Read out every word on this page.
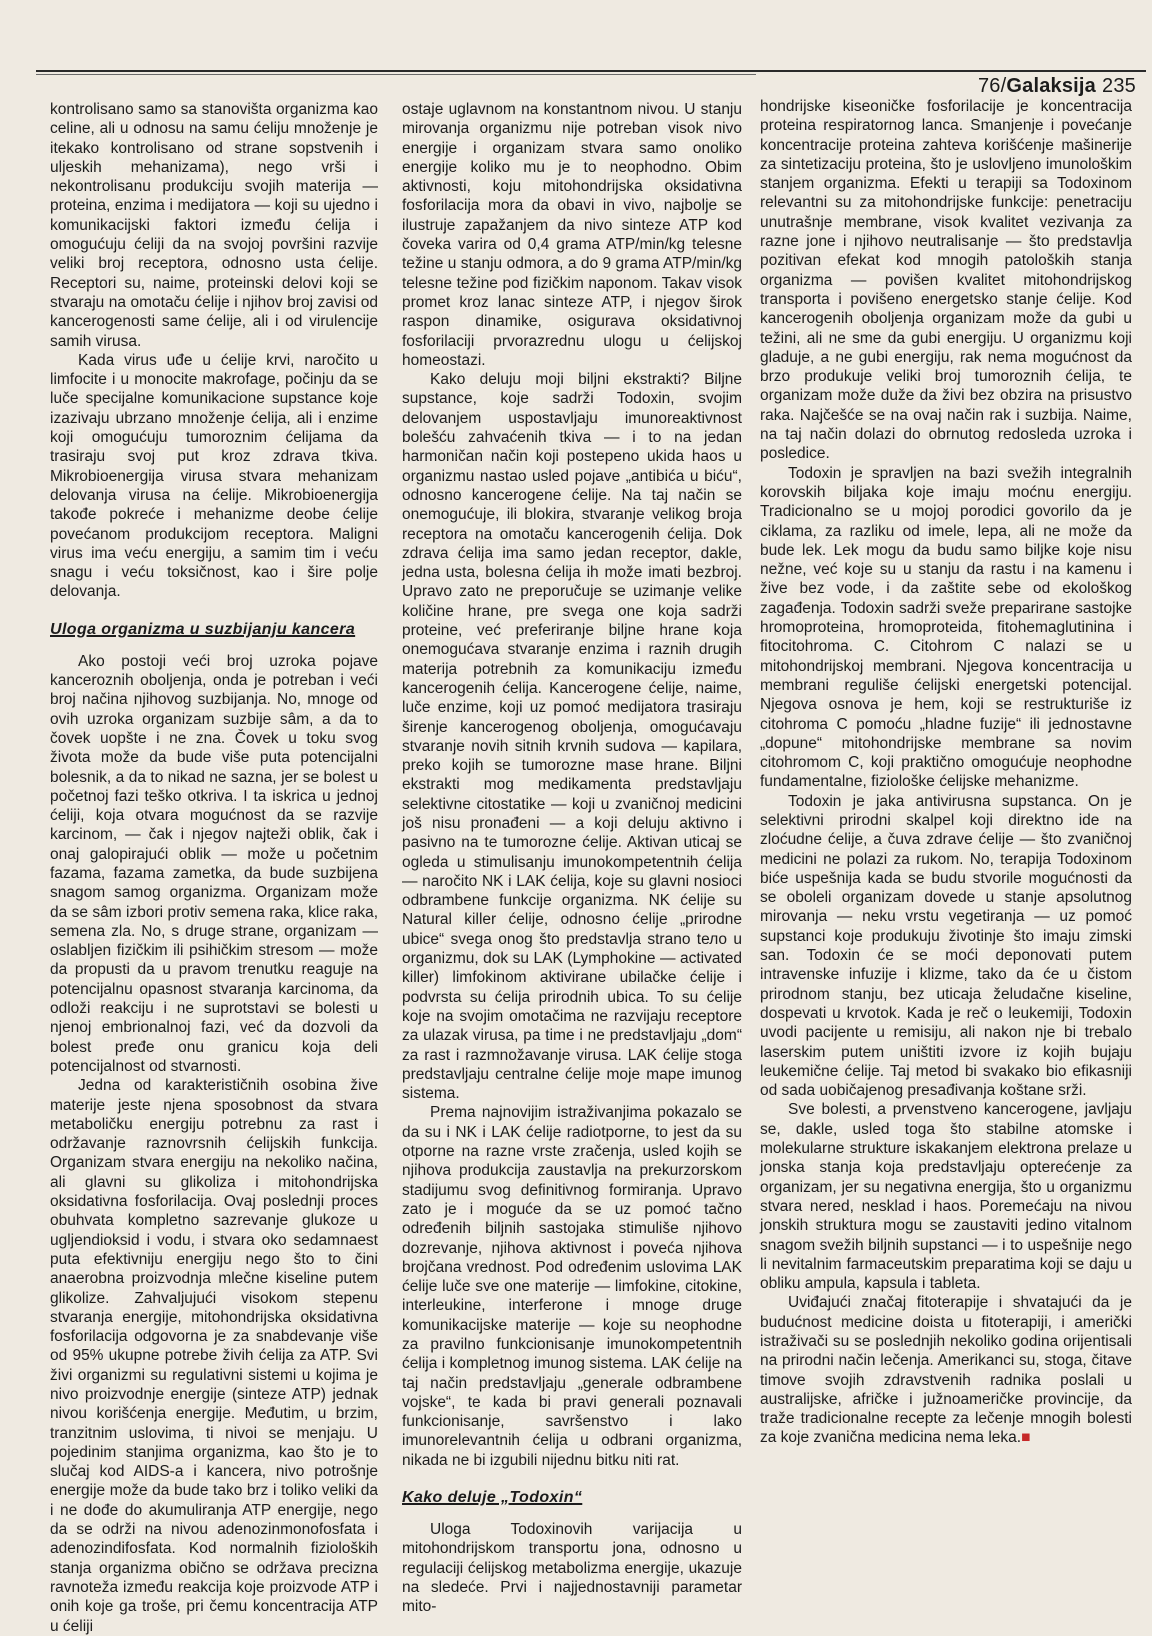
76/Galaksija 235

kontrolisano samo sa stanovišta organizma kao celine, ali u odnosu na samu ćeliju množenje je itekako kontrolisano od strane sopstvenih i uljeskih mehanizama), nego vrši i nekontrolisanu produkciju svojih materija — proteina, enzima i medijatora — koji su ujedno i komunikacijski faktori između ćelija i omogućuju ćeliji da na svojoj površini razvije veliki broj receptora, odnosno usta ćelije. Receptori su, naime, proteinski delovi koji se stvaraju na omotaču ćelije i njihov broj zavisi od kancerogenosti same ćelije, ali i od virulencije samih virusa.

Kada virus uđe u ćelije krvi, naročito u limfocite i u monocite makrofage, počinju da se luče specijalne komunikacione supstance koje izazivaju ubrzano množenje ćelija, ali i enzime koji omogućuju tumoroznim ćelijama da trasiraju svoj put kroz zdrava tkiva. Mikrobioenergija virusa stvara mehanizam delovanja virusa na ćelije. Mikrobioenergija takođe pokreće i mehanizme deobe ćelije povećanom produkcijom receptora. Maligni virus ima veću energiju, a samim tim i veću snagu i veću toksičnost, kao i šire polje delovanja.

Uloga organizma u suzbijanju kancera

Ako postoji veći broj uzroka pojave kancerоznih oboljenja, onda je potreban i veći broj načina njihovog suzbijanja. No, mnoge od ovih uzroka organizam suzbije sâm, a da to čovek uopšte i ne zna. Čovek u toku svog života može da bude više puta potencijalni bolesnik, a da to nikad ne sazna, jer se bolest u početnoj fazi teško otkriva. I ta iskrica u jednoj ćeliji, koja otvara mogućnost da se razvije karcinom, — čak i njegov najteži oblik, čak i onaj galopirajući oblik — može u početnim fazama, fazama zametka, da bude suzbijena snagom samog organizma. Organizam može da se sâm izbori protiv semena raka, klice raka, semena zla. No, s druge strane, organizam — oslabljen fizičkim ili psihičkim stresom — može da propusti da u pravom trenutku reaguje na potencijalnu opasnost stvaranja karcinoma, da odloži reakciju i ne suprotstavi se bolesti u njenoj embrionalnoj fazi, već da dozvoli da bolest pređe onu granicu koja deli potencijalnost od stvarnosti.

Jedna od karakterističnih osobina žive materije jeste njena sposobnost da stvara metaboličku energiju potrebnu za rast i održavanje raznovrsnih ćelijskih funkcija. Organizam stvara energiju na nekoliko načina, ali glavni su glikoliza i mitohondrijska oksidativna fosforilacija. Ovaj poslednji proces obuhvata kompletno sazrevanje glukoze u ugljendioksid i vodu, i stvara oko sedamnaest puta efektivniju energiju nego što to čini anaerobna proizvodnja mlečne kiseline putem glikolize. Zahvaljujući visokom stepenu stvaranja energije, mitohondrijska oksidativna fosforilacija odgovorna je za snabdevanje više od 95% ukupne potrebe živih ćelija za ATP. Svi živi organizmi su regulativni sistemi u kojima je nivo proizvodnje energije (sinteze ATP) jednak nivou korišćenja energije. Međutim, u brzim, tranzitnim uslovima, ti nivoi se menjaju. U pojedinim stanjima organizma, kao što je to slučaj kod AIDS-a i kancera, nivo potrošnje energije može da bude tako brz i toliko veliki da i ne dođe do akumuliranja ATP energije, nego da se održi na nivou adenozinmonofosfata i adenozindifosfata. Kod normalnih fizioloških stanja organizma obično se održava precizna ravnoteža između reakcija koje proizvode ATP i onih koje ga troše, pri čemu koncentracija ATP u ćeliji

ostaje uglavnom na konstantnom nivou. U stanju mirovanja organizmu nije potreban visok nivo energije i organizam stvara samo onoliko energije koliko mu je to neophodno. Obim aktivnosti, koju mitohondrijska oksidativna fosforilacija mora da obavi in vivo, najbolje se ilustruje zapažanjem da nivo sinteze ATP kod čoveka varira od 0,4 grama ATP/min/kg telesne težine u stanju odmora, a do 9 grama ATP/min/kg telesne težine pod fizičkim naponom. Takav visok promet kroz lanac sinteze ATP, i njegov širok raspon dinamike, osigurava oksidativnoj fosforilaciji prvorazrednu ulogu u ćelijskoj homeostazi.

Kako deluju moji biljni ekstrakti? Biljne supstance, koje sadrži Todoxin, svojim delovanjem uspostavljaju imunoreaktivnost bolešću zahvaćenih tkiva — i to na jedan harmoničan način koji postepeno ukida haos u organizmu nastao usled pojave „antibića u biću“, odnosno kancerogene ćelije. Na taj način se onemogućuje, ili blokira, stvaranje velikog broja receptora na omotaču kancerogenih ćelija. Dok zdrava ćelija ima samo jedan receptor, dakle, jedna usta, bolesna ćelija ih može imati bezbroj. Upravo zato ne preporučuje se uzimanje velike količine hrane, pre svega one koja sadrži proteine, već preferiranje biljne hrane koja onemogućava stvaranje enzima i raznih drugih materija potrebnih za komunikaciju između kancerogenih ćelija. Kancerogene ćelije, naime, luče enzime, koji uz pomoć medijatora trasiraju širenje kancerogenog oboljenja, omogućavaju stvaranje novih sitnih krvnih sudova — kapilara, preko kojih se tumorozne mase hrane. Biljni ekstrakti mog medikamenta predstavljaju selektivne citostatike — koji u zvaničnoj medicini još nisu pronađeni — a koji deluju aktivno i pasivno na te tumorozne ćelije. Aktivan uticaj se ogleda u stimulisanju imunokompetentnih ćelija — naročito NK i LAK ćelija, koje su glavni nosioci odbrambene funkcije organizma. NK ćelije su Natural killer ćelije, odnosno ćelije „prirodne ubice“ svega onog što predstavlja strano tело u organizmu, dok su LAK (Lymphokine — activated killer) limfokinom aktivirane ubilačke ćelije i podvrsta su ćelija prirodnih ubica. To su ćelije koje na svojim omotačima ne razvijaju receptore za ulazak virusa, pa time i ne predstavljaju „dom“ za rast i razmnožavanje virusa. LAK ćelije stoga predstavljaju centralne ćelije moje mape imunog sistema.

Prema najnovijim istraživanjima pokazalo se da su i NK i LAK ćelije radiotporne, to jest da su otporne na razne vrste zračenja, usled kojih se njihova produkcija zaustavlja na prekurzorskom stadijumu svog definitivnog formiranja. Upravo zato je i moguće da se uz pomoć tačno određenih biljnih sastojaka stimuliše njihovo dozrevanje, njihova aktivnost i poveća njihova brojčana vrednost. Pod određenim uslovima LAK ćelije luče sve one materije — limfokine, citokine, interleukine, interferone i mnoge druge komunikacijske materije — koje su neophodne za pravilno funkcionisanje imunokompetentnih ćelija i kompletnog imunog sistema. LAK ćelije na taj način predstavljaju „generale odbrambene vojske“, te kada bi pravi generali poznavali funkcionisanje, savršenstvo i lako imunorelevantnih ćelija u odbrani organizma, nikada ne bi izgubili nijednu bitku niti rat.

Kako deluje „Todoxin“

Uloga Todoxinovih varijacija u mitohondrijskom transportu jona, odnosno u regulaciji ćelijskog metabolizma energije, ukazuje na sledeće. Prvi i najjednostavniji parametar mito-

hondrijske kiseoničke fosforilacije je koncentracija proteina respiratornog lanca. Smanjenje i povećanje koncentracije proteina zahteva korišćenje mašinerije za sintetizaciju proteina, što je uslovljeno imunološkim stanjem organizma. Efekti u terapiji sa Todoxinom relevantni su za mitohondrijske funkcije: penetraciju unutrašnje membrane, visok kvalitet vezivanja za razne jone i njihovo neutralisanje — što predstavlja pozitivan efekat kod mnogih patoloških stanja organizma — povišen kvalitet mitohondrijskog transporta i povišeno energetsko stanje ćelije. Kod kancerogenih oboljenja organizam može da gubi u težini, ali ne sme da gubi energiju. U organizmu koji gladuje, a ne gubi energiju, rak nema mogućnost da brzo produkuje veliki broj tumoroznih ćelija, te organizam može duže da živi bez obzira na prisustvo raka. Najčešće se na ovaj način rak i suzbija. Naime, na taj način dolazi do obrnutog redosleda uzroka i posledice.

Todoxin je spravljen na bazi svežih integralnih korovskih biljaka koje imaju moćnu energiju. Tradicionalno se u mojoj porodici govorilo da je ciklama, za razliku od imele, lepa, ali ne može da bude lek. Lek mogu da budu samo biljke koje nisu nežne, već koje su u stanju da rastu i na kamenu i žive bez vode, i da zaštite sebe od ekološkog zagađenja. Todoxin sadrži sveže preparirane sastojke hromoproteina, hromoproteida, fitohemaglutinina i fitocitohroma. C. Citohrom C nalazi se u mitohondrijskoj membrani. Njegova koncentracija u membrani reguliše ćelijski energetski potencijal. Njegova osnova je hem, koji se restrukturiše iz citohroma C pomoću „hladne fuzije“ ili jednostavne „dopune“ mitohondrijske membrane sa novim citohromom C, koji praktično omogućuje neophodne fundamentalne, fiziološke ćelijske mehanizme.

Todoxin je jaka antivirusna supstanca. On je selektivni prirodni skalpel koji direktno ide na zloćudne ćelije, a čuva zdrave ćelije — što zvaničnoj medicini ne polazi za rukom. No, terapija Todoxinom biće uspešnija kada se budu stvorile mogućnosti da se oboleli organizam dovede u stanje apsolutnog mirovanja — neku vrstu vegetiranja — uz pomoć supstanci koje produkuju životinje što imaju zimski san. Todoxin će se moći deponovati putem intravenske infuzije i klizme, tako da će u čistom prirodnom stanju, bez uticaja želudačne kiseline, dospevati u krvotok. Kada je reč o leukemiji, Todoxin uvodi pacijente u remisiju, ali nakon nje bi trebalo laserskim putem uništiti izvore iz kojih bujaju leukemične ćelije. Taj metod bi svakako bio efikasniji od sada uobičajenog presađivanja koštane srži.

Sve bolesti, a prvenstveno kancerogene, javljaju se, dakle, usled toga što stabilne atomske i molekularne strukture iskakanjem elektrona prelaze u jonska stanja koja predstavljaju opterećenje za organizam, jer su negativna energija, što u organizmu stvara nered, nesklad i haos. Poremećaju na nivou jonskih struktura mogu se zaustaviti jedino vitalnom snagom svežih biljnih supstanci — i to uspešnije nego li nevitalnim farmaceutskim preparatima koji se daju u obliku ampula, kapsula i tableta.

Uviđajući značaj fitoterapije i shvatajući da je budućnost medicine doista u fitoterapiji, i američki istraživači su se poslednjih nekoliko godina orijentisali na prirodni način lečenja. Amerikanci su, stoga, čitave timove svojih zdravstvenih radnika poslali u australijske, afričke i južnoameričke provincije, da traže tradicionalne recepte za lečenje mnogih bolesti za koje zvanična medicina nema leka.■
